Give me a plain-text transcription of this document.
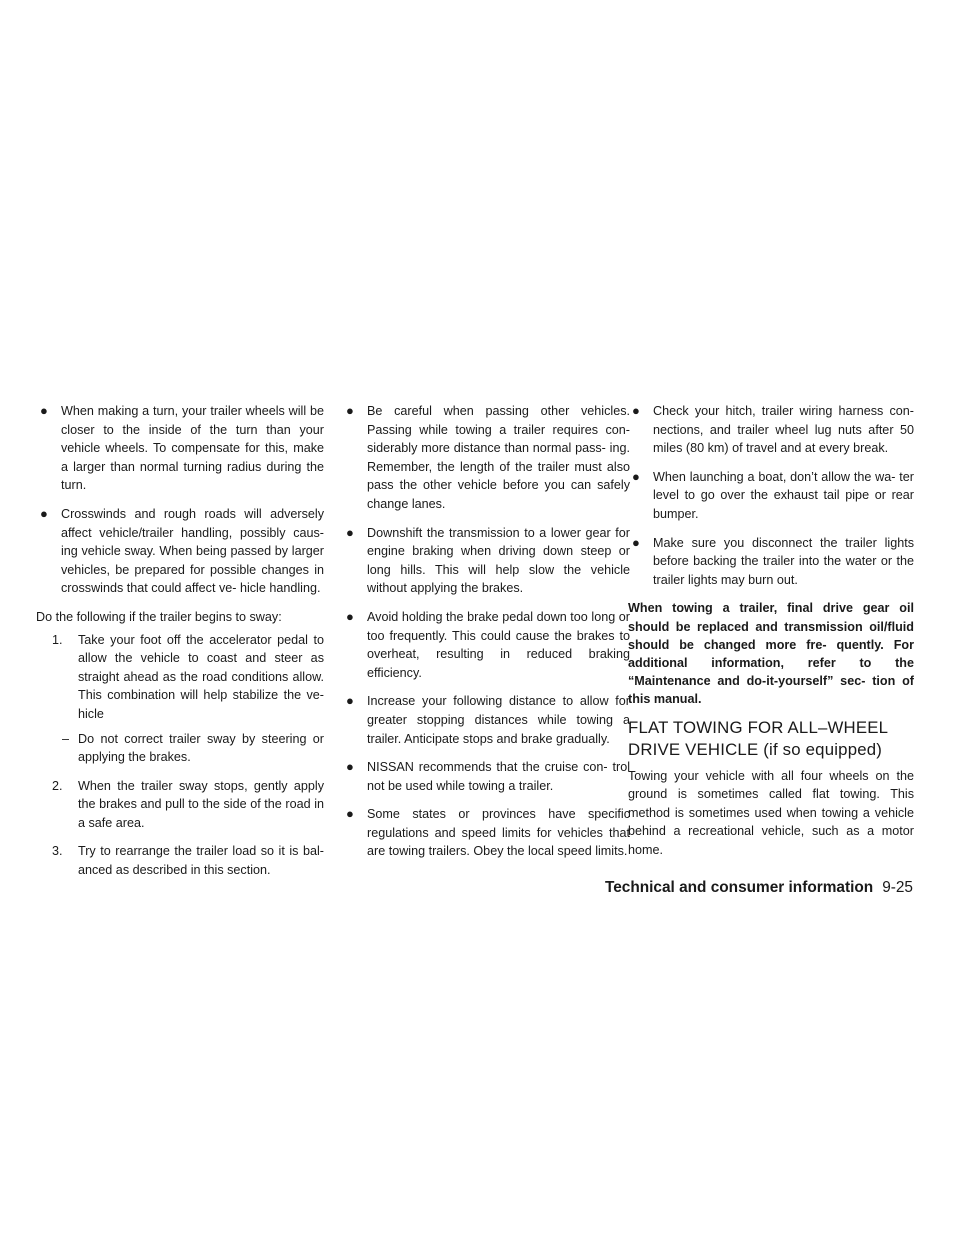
● When making a turn, your trailer wheels will be closer to the inside of the turn than your vehicle wheels. To compensate for this, make a larger than normal turning radius during the turn.
● Crosswinds and rough roads will adversely affect vehicle/trailer handling, possibly caus- ing vehicle sway. When being passed by larger vehicles, be prepared for possible changes in crosswinds that could affect ve- hicle handling.

Do the following if the trailer begins to sway:

1. Take your foot off the accelerator pedal to allow the vehicle to coast and steer as straight ahead as the road conditions allow. This combination will help stabilize the ve- hicle
– Do not correct trailer sway by steering or applying the brakes.
2. When the trailer sway stops, gently apply the brakes and pull to the side of the road in a safe area.
3. Try to rearrange the trailer load so it is bal- anced as described in this section.
● Be careful when passing other vehicles. Passing while towing a trailer requires con- siderably more distance than normal pass- ing. Remember, the length of the trailer must also pass the other vehicle before you can safely change lanes.
● Downshift the transmission to a lower gear for engine braking when driving down steep or long hills. This will help slow the vehicle without applying the brakes.
● Avoid holding the brake pedal down too long or too frequently. This could cause the brakes to overheat, resulting in reduced braking efficiency.
● Increase your following distance to allow for greater stopping distances while towing a trailer. Anticipate stops and brake gradually.
● NISSAN recommends that the cruise con- trol not be used while towing a trailer.
● Some states or provinces have specific regulations and speed limits for vehicles that are towing trailers. Obey the local speed limits.
● Check your hitch, trailer wiring harness con- nections, and trailer wheel lug nuts after 50 miles (80 km) of travel and at every break.
● When launching a boat, don’t allow the wa- ter level to go over the exhaust tail pipe or rear bumper.
● Make sure you disconnect the trailer lights before backing the trailer into the water or the trailer lights may burn out.

When towing a trailer, final drive gear oil should be replaced and transmission oil/fluid should be changed more fre- quently. For additional information, refer to the “Maintenance and do-it-yourself” sec- tion of this manual.

FLAT TOWING FOR ALL–WHEEL DRIVE VEHICLE (if so equipped)

Towing your vehicle with all four wheels on the ground is sometimes called flat towing. This method is sometimes used when towing a vehicle behind a recreational vehicle, such as a motor home.

Technical and consumer information 9-25
